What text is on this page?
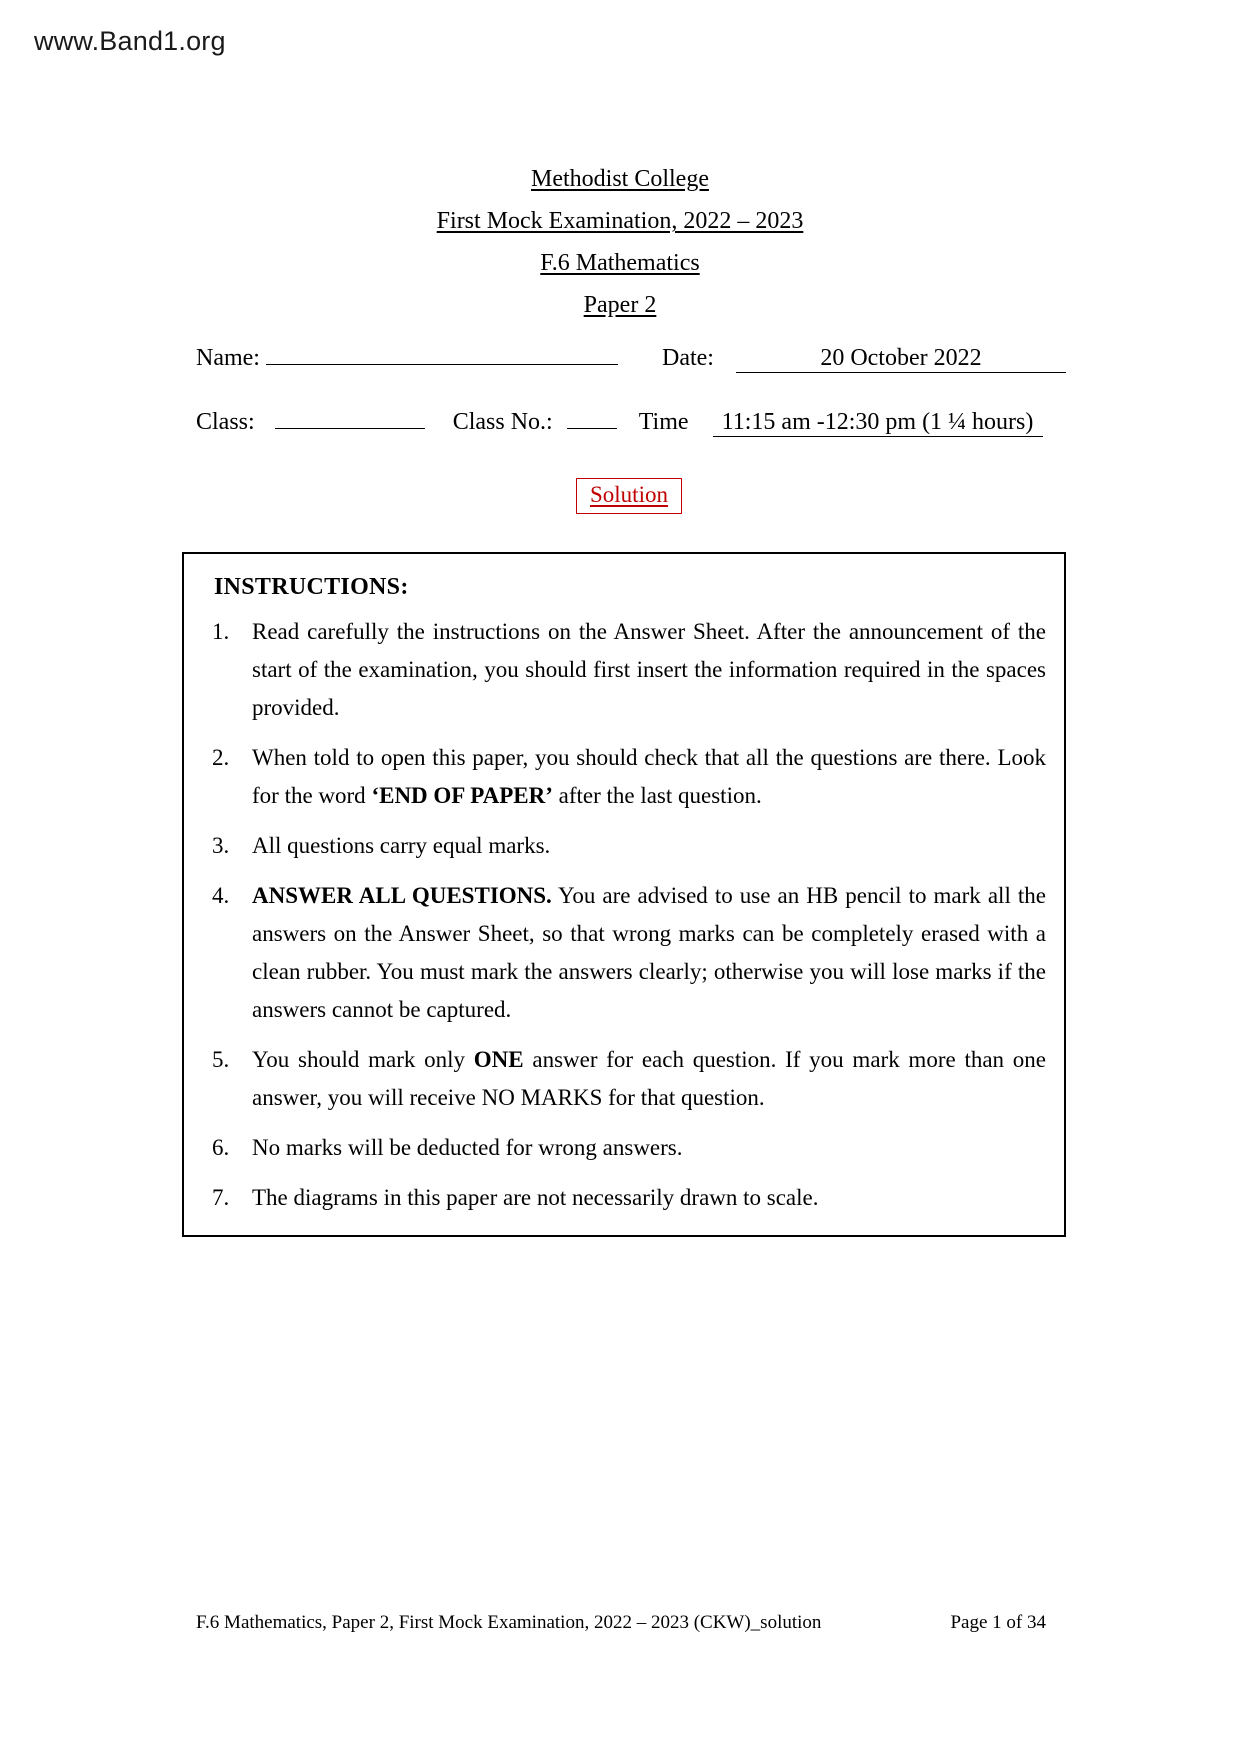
www.Band1.org
Methodist College
First Mock Examination, 2022 – 2023
F.6 Mathematics
Paper 2
Name:	Date:	20 October 2022
Class:	Class No.:	Time 11:15 am -12:30 pm (1 ¼ hours)
Solution
INSTRUCTIONS:
1. Read carefully the instructions on the Answer Sheet. After the announcement of the start of the examination, you should first insert the information required in the spaces provided.
2. When told to open this paper, you should check that all the questions are there. Look for the word ‘END OF PAPER’ after the last question.
3. All questions carry equal marks.
4. ANSWER ALL QUESTIONS. You are advised to use an HB pencil to mark all the answers on the Answer Sheet, so that wrong marks can be completely erased with a clean rubber. You must mark the answers clearly; otherwise you will lose marks if the answers cannot be captured.
5. You should mark only ONE answer for each question. If you mark more than one answer, you will receive NO MARKS for that question.
6. No marks will be deducted for wrong answers.
7. The diagrams in this paper are not necessarily drawn to scale.
F.6 Mathematics, Paper 2, First Mock Examination, 2022 – 2023 (CKW)_solution	Page 1 of 34
